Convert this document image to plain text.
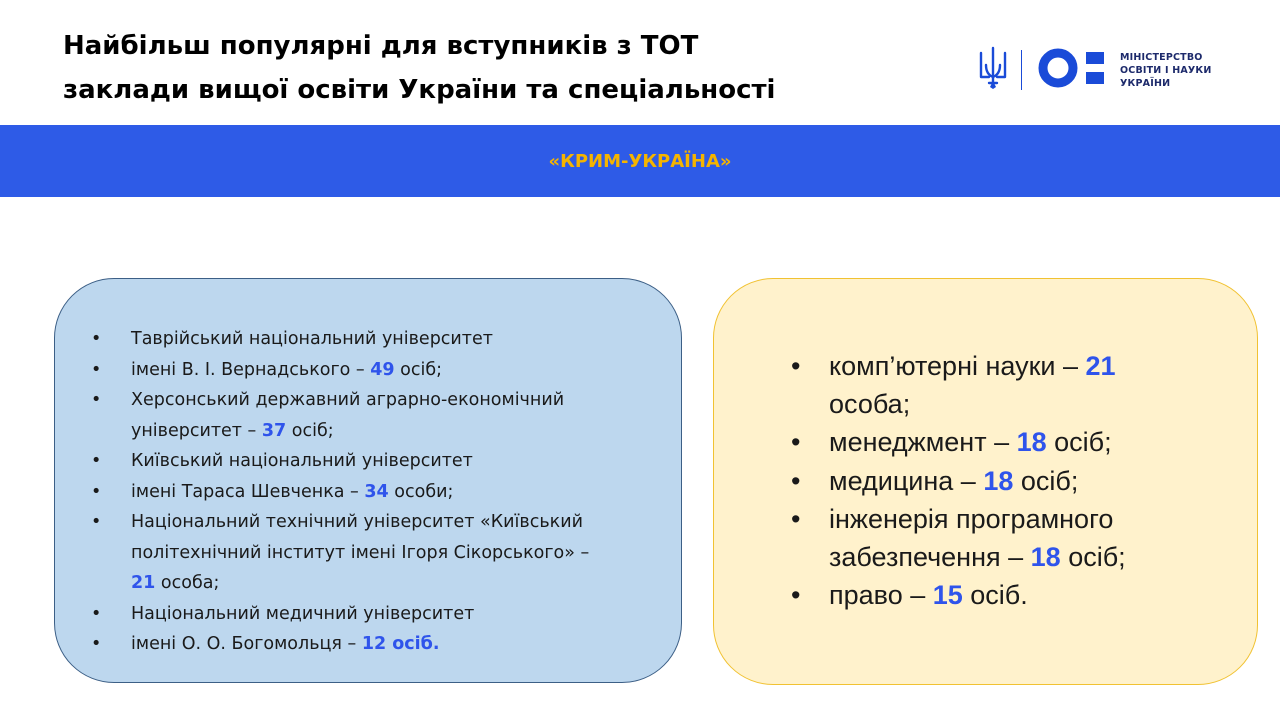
Найбільш популярні для вступників з ТОТ
заклади вищої освіти України та спеціальності
МІНІСТЕРСТВО
ОСВІТИ І НАУКИ
УКРАЇНИ
«КРИМ-УКРАЇНА»
• Таврійський національний університет
• імені В. І. Вернадського – 49 осіб;
• Херсонський державний аграрно-економічний
університет – 37 осіб;
• Київський національний університет
• імені Тараса Шевченка – 34 особи;
• Національний технічний університет «Київський
політехнічний інститут імені Ігоря Сікорського» –
21 особа;
• Національний медичний університет
• імені О. О. Богомольця – 12 осіб.
• комп’ютерні науки – 21
особа;
• менеджмент – 18 осіб;
• медицина – 18 осіб;
• інженерія програмного
забезпечення – 18 осіб;
• право – 15 осіб.
